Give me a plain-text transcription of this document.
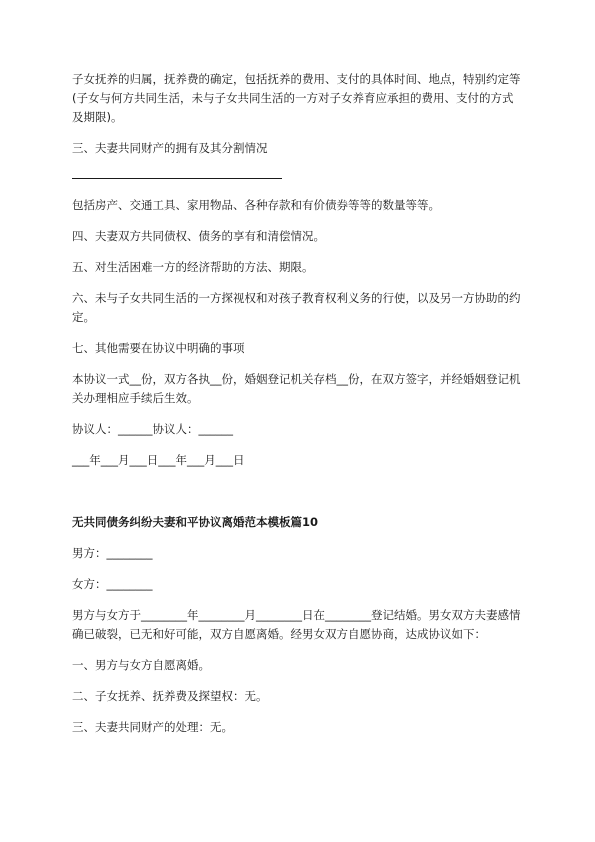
子女抚养的归属，抚养费的确定，包括抚养的费用、支付的具体时间、地点，特别约定等(子女与何方共同生活，未与子女共同生活的一方对子女养育应承担的费用、支付的方式及期限)。

三、夫妻共同财产的拥有及其分割情况

包括房产、交通工具、家用物品、各种存款和有价债券等等的数量等等。

四、夫妻双方共同债权、债务的享有和清偿情况。

五、对生活困难一方的经济帮助的方法、期限。

六、未与子女共同生活的一方探视权和对孩子教育权利义务的行使，以及另一方协助的约定。

七、其他需要在协议中明确的事项

本协议一式__份，双方各执__份，婚姻登记机关存档__份，在双方签字，并经婚姻登记机关办理相应手续后生效。

协议人：______协议人：______

___年___月___日___年___月___日

无共同债务纠纷夫妻和平协议离婚范本模板篇10

男方：________

女方：________

男方与女方于________年________月________日在________登记结婚。男女双方夫妻感情确已破裂，已无和好可能，双方自愿离婚。经男女双方自愿协商，达成协议如下：

一、男方与女方自愿离婚。

二、子女抚养、抚养费及探望权：无。

三、夫妻共同财产的处理：无。
